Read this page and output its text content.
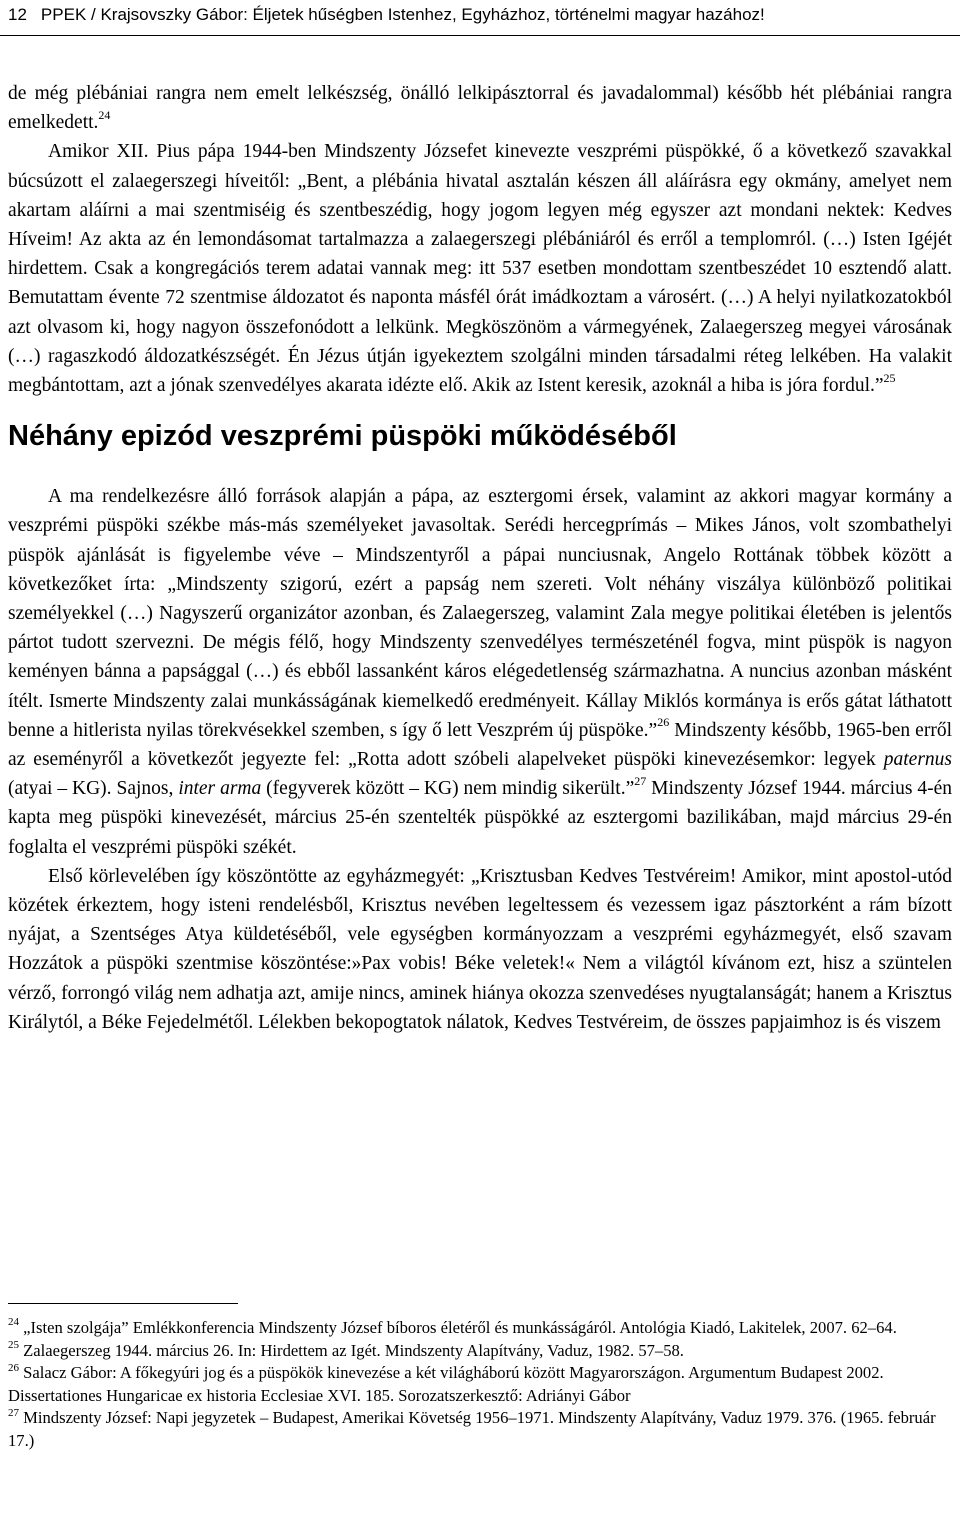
12 PPEK / Krajsovszky Gábor: Éljetek hűségben Istenhez, Egyházhoz, történelmi magyar hazához!

de még plébániai rangra nem emelt lelkészség, önálló lelkipásztorral és javadalommal) később hét plébániai rangra emelkedett.$^{24}$

Amikor XII. Pius pápa 1944-ben Mindszenty Józsefet kinevezte veszprémi püspökké, ő a következő szavakkal búcsúzott el zalaegerszegi híveitől: „Bent, a plébánia hivatal asztalán készen áll aláírásra egy okmány, amelyet nem akartam aláírni a mai szentmiséig és szentbeszédig, hogy jogom legyen még egyszer azt mondani nektek: Kedves Híveim! Az akta az én lemondásomat tartalmazza a zalaegerszegi plébániáról és erről a templomról. (…) Isten Igéjét hirdettem. Csak a kongregációs terem adatai vannak meg: itt 537 esetben mondottam szentbeszédet 10 esztendő alatt. Bemutattam évente 72 szentmise áldozatot és naponta másfél órát imádkoztam a városért. (…) A helyi nyilatkozatokból azt olvasom ki, hogy nagyon összefonódott a lelkünk. Megköszönöm a vármegyének, Zalaegerszeg megyei városának (…) ragaszkodó áldozatkészségét. Én Jézus útján igyekeztem szolgálni minden társadalmi réteg lelkében. Ha valakit megbántottam, azt a jónak szenvedélyes akarata idézte elő. Akik az Istent keresik, azoknál a hiba is jóra fordul.”$^{25}$

Néhány epizód veszprémi püspöki működéséből

A ma rendelkezésre álló források alapján a pápa, az esztergomi érsek, valamint az akkori magyar kormány a veszprémi püspöki székbe más-más személyeket javasoltak. Serédi hercegprímás – Mikes János, volt szombathelyi püspök ajánlását is figyelembe véve – Mindszentyről a pápai nunciusnak, Angelo Rottának többek között a következőket írta: „Mindszenty szigorú, ezért a papság nem szereti. Volt néhány viszálya különböző politikai személyekkel (…) Nagyszerű organizátor azonban, és Zalaegerszeg, valamint Zala megye politikai életében is jelentős pártot tudott szervezni. De mégis félő, hogy Mindszenty szenvedélyes természeténél fogva, mint püspök is nagyon keményen bánna a papsággal (…) és ebből lassanként káros elégedetlenség származhatna. A nuncius azonban másként ítélt. Ismerte Mindszenty zalai munkásságának kiemelkedő eredményeit. Kállay Miklós kormánya is erős gátat láthatott benne a hitlerista nyilas törekvésekkel szemben, s így ő lett Veszprém új püspöke.”$^{26}$ Mindszenty később, 1965-ben erről az eseményről a következőt jegyezte fel: „Rotta adott szóbeli alapelveket püspöki kinevezésemkor: legyek paternus (atyai – KG). Sajnos, inter arma (fegyverek között – KG) nem mindig sikerült.”$^{27}$ Mindszenty József 1944. március 4-én kapta meg püspöki kinevezését, március 25-én szentelték püspökké az esztergomi bazilikában, majd március 29-én foglalta el veszprémi püspöki székét.

Első körlevelében így köszöntötte az egyházmegyét: „Krisztusban Kedves Testvéreim! Amikor, mint apostol-utód közétek érkeztem, hogy isteni rendelésből, Krisztus nevében legeltessem és vezessem igaz pásztorként a rám bízott nyájat, a Szentséges Atya küldetéséből, vele egységben kormányozzam a veszprémi egyházmegyét, első szavam Hozzátok a püspöki szentmise köszöntése:»Pax vobis! Béke veletek!« Nem a világtól kívánom ezt, hisz a szüntelen vérző, forrongó világ nem adhatja azt, amije nincs, aminek hiánya okozza szenvedéses nyugtalanságát; hanem a Krisztus Királytól, a Béke Fejedelmétől. Lélekben bekopogtatok nálatok, Kedves Testvéreim, de összes papjaimhoz is és viszem

$^{24}$ „Isten szolgája” Emlékkonferencia Mindszenty József bíboros életéről és munkásságáról. Antológia Kiadó, Lakitelek, 2007. 62–64.

$^{25}$ Zalaegerszeg 1944. március 26. In: Hirdettem az Igét. Mindszenty Alapítvány, Vaduz, 1982. 57–58.

$^{26}$ Salacz Gábor: A főkegyúri jog és a püspökök kinevezése a két világháború között Magyarországon. Argumentum Budapest 2002. Dissertationes Hungaricae ex historia Ecclesiae XVI. 185. Sorozatszerkesztő: Adriányi Gábor

$^{27}$ Mindszenty József: Napi jegyzetek – Budapest, Amerikai Követség 1956–1971. Mindszenty Alapítvány, Vaduz 1979. 376. (1965. február 17.)
